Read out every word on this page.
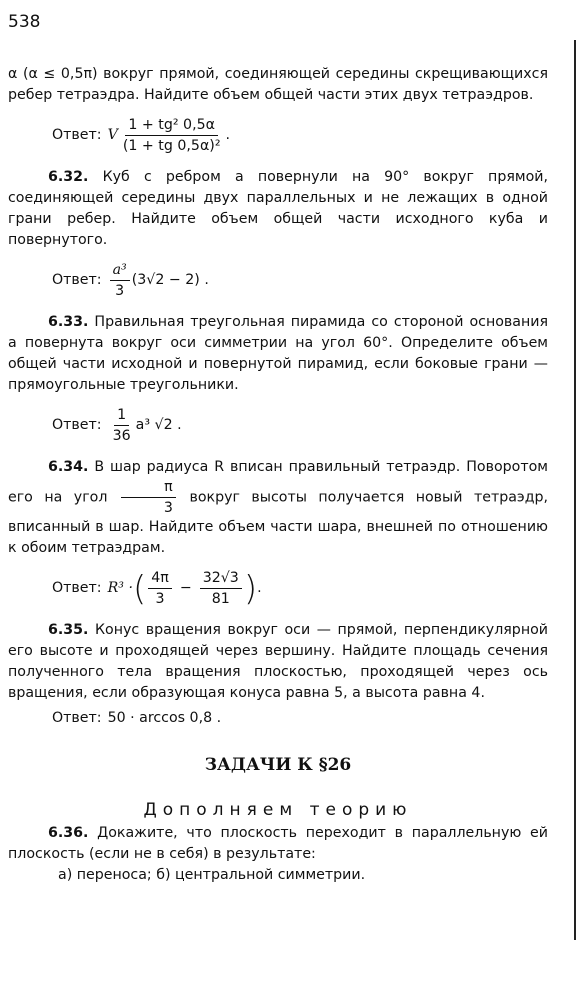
538

α (α ≤ 0,5π) вокруг прямой, соединяющей середины скрещивающихся ребер тетраэдра. Найдите объем общей части этих двух тетраэдров.

Ответ: V $\frac{\text{1 + tg² 0,5α}}{\text{(1 + tg 0,5α)²}}$ .

6.32. Куб с ребром a повернули на 90° вокруг прямой, соединяющей середины двух параллельных и не лежащих в одной грани ребер. Найдите объем общей части исходного куба и повернутого.

Ответ: $\frac{\text{a³}}{3} (3√2 - 2)$ .

6.33. Правильная треугольная пирамида со стороной основания a повернута вокруг оси симметрии на угол 60°. Определите объем общей части исходной и повернутой пирамид, если боковые грани — прямоугольные треугольники.

Ответ: $\frac{1}{36} a^3$ √2 .

6.34. В шар радиуса R вписан правильный тетраэдр. Поворотом его на угол $\frac{\pi}{3}$ вокруг высоты получается новый тетраэдр, вписанный в шар. Найдите объем части шара, внешней по отношению к обоим тетраэдрам.

Ответ: R³ · ( $\frac{4\pi}{3} - \frac{32√3}{81}$ ) .

6.35. Конус вращения вокруг оси — прямой, перпендикулярной его высоте и проходящей через вершину. Найдите площадь сечения полученного тела вращения плоскостью, проходящей через ось вращения, если образующая конуса равна 5, а высота равна 4.

Ответ: 50 · arccos 0,8 .
ЗАДАЧИ К §26
Дополняем теорию

6.36. Докажите, что плоскость переходит в параллельную ей плоскость (если не в себя) в результате:

а) переноса; б) центральной симметрии.
